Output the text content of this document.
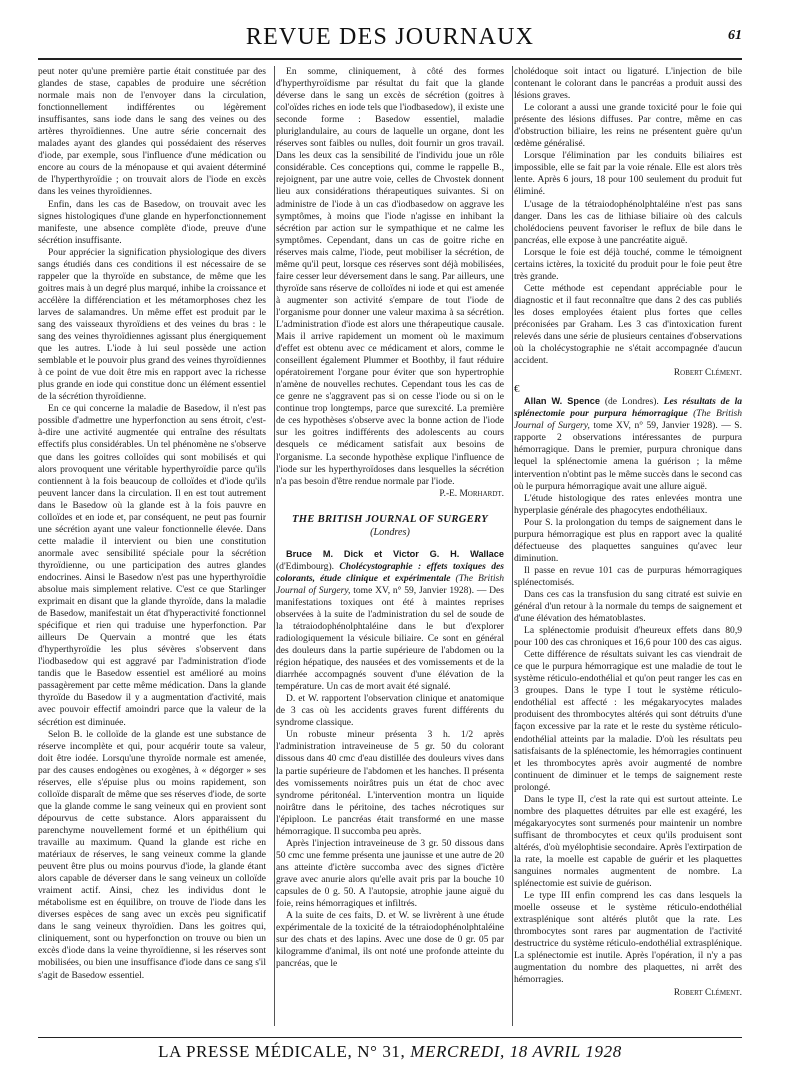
REVUE DES JOURNAUX	61

peut noter qu'une première partie était constituée par des glandes de stase, capables de produire une sécrétion normale mais non de l'envoyer dans la circulation, fonctionnellement indifférentes ou légèrement insuffisantes, sans iode dans le sang des veines ou des artères thyroïdiennes. Une autre série concernait des malades ayant des glandes qui possédaient des réserves d'iode, par exemple, sous l'influence d'une médication ou encore au cours de la ménopause et qui avaient déterminé de l'hyperthyroïdie ; on trouvait alors de l'iode en excès dans les veines thyroïdiennes.

Enfin, dans les cas de Basedow, on trouvait avec les signes histologiques d'une glande en hyperfonctionnement manifeste, une absence complète d'iode, preuve d'une sécrétion insuffisante.

Pour apprécier la signification physiologique des divers sangs étudiés dans ces conditions il est nécessaire de se rappeler que la thyroïde en substance, de même que les goitres mais à un degré plus marqué, inhibe la croissance et accélère la différenciation et les métamorphoses chez les larves de salamandres. Un même effet est produit par le sang des vaisseaux thyroïdiens et des veines du bras : le sang des veines thyroïdiennes agissant plus énergiquement que les autres. L'iode à lui seul possède une action semblable et le pouvoir plus grand des veines thyroïdiennes à ce point de vue doit être mis en rapport avec la richesse plus grande en iode qui constitue donc un élément essentiel de la sécrétion thyroïdienne.

En ce qui concerne la maladie de Basedow, il n'est pas possible d'admettre une hyperfonction au sens étroit, c'est-à-dire une activité augmentée qui entraîne des résultats effectifs plus considérables. Un tel phénomène ne s'observe que dans les goitres colloïdes qui sont mobilisés et qui alors provoquent une véritable hyperthyroïdie parce qu'ils contiennent à la fois beaucoup de colloïdes et d'iode qu'ils peuvent lancer dans la circulation. Il en est tout autrement dans le Basedow où la glande est à la fois pauvre en colloïdes et en iode et, par conséquent, ne peut pas fournir une sécrétion ayant une valeur fonctionnelle élevée. Dans cette maladie il intervient ou bien une constitution anormale avec sensibilité spéciale pour la sécrétion thyroïdienne, ou une participation des autres glandes endocrines. Ainsi le Basedow n'est pas une hyperthyroïdie absolue mais simplement relative. C'est ce que Starlinger exprimait en disant que la glande thyroïde, dans la maladie de Basedow, manifestait un état d'hyperactivité fonctionnel spécifique et rien qui traduise une hyperfonction. Par ailleurs De Quervain a montré que les états d'hyperthyroïdie les plus sévères s'observent dans l'iodbasedow qui est aggravé par l'administration d'iode tandis que le Basedow essentiel est amélioré au moins passagèrement par cette même médication. Dans la glande thyroïde du Basedow il y a augmentation d'activité, mais avec pouvoir effectif amoindri parce que la valeur de la sécrétion est diminuée.

Selon B. le colloïde de la glande est une substance de réserve incomplète et qui, pour acquérir toute sa valeur, doit être iodée. Lorsqu'une thyroïde normale est amenée, par des causes endogènes ou exogènes, à « dégorger » ses réserves, elle s'épuise plus ou moins rapidement, son colloïde disparaît de même que ses réserves d'iode, de sorte que la glande comme le sang veineux qui en provient sont dépourvus de cette substance. Alors apparaissent du parenchyme nouvellement formé et un épithélium qui travaille au maximum. Quand la glande est riche en matériaux de réserves, le sang veineux comme la glande peuvent être plus ou moins pourvus d'iode, la glande étant alors capable de déverser dans le sang veineux un colloïde vraiment actif. Ainsi, chez les individus dont le métabolisme est en équilibre, on trouve de l'iode dans les diverses espèces de sang avec un excès peu significatif dans le sang veineux thyroïdien. Dans les goitres qui, cliniquement, sont ou hyperfonction on trouve ou bien un excès d'iode dans la veine thyroïdienne, si les réserves sont mobilisées, ou bien une insuffisance d'iode dans ce sang s'il s'agit de Basedow essentiel.

En somme, cliniquement, à côté des formes d'hyperthyroïdisme par résultat du fait que la glande déverse dans le sang un excès de sécrétion (goitres à col'oïdes riches en iode tels que l'iodbasedow), il existe une seconde forme : Basedow essentiel, maladie pluriglandulaire, au cours de laquelle un organe, dont les réserves sont faibles ou nulles, doit fournir un gros travail. Dans les deux cas la sensibilité de l'individu joue un rôle considérable. Ces conceptions qui, comme le rappelle B., rejoignent, par une autre voie, celles de Chvostek donnent lieu aux considérations thérapeutiques suivantes. Si on administre de l'iode à un cas d'iodbasedow on aggrave les symptômes, à moins que l'iode n'agisse en inhibant la sécrétion par action sur le sympathique et ne calme les symptômes. Cependant, dans un cas de goitre riche en réserves mais calme, l'iode, peut mobiliser la sécrétion, de même qu'il peut, lorsque ces réserves sont déjà mobilisées, faire cesser leur déversement dans le sang. Par ailleurs, une thyroïde sans réserve de colloïdes ni iode et qui est amenée à augmenter son activité s'empare de tout l'iode de l'organisme pour donner une valeur maxima à sa sécrétion. L'administration d'iode est alors une thérapeutique causale. Mais il arrive rapidement un moment où le maximum d'effet est obtenu avec ce médicament et alors, comme le conseillent également Plummer et Boothby, il faut réduire opératoirement l'organe pour éviter que son hypertrophie n'amène de nouvelles rechutes. Cependant tous les cas de ce genre ne s'aggravent pas si on cesse l'iode ou si on le continue trop longtemps, parce que surexcité. La première de ces hypothèses s'observe avec la bonne action de l'iode sur les goitres indifférents des adolescents au cours desquels ce médicament satisfait aux besoins de l'organisme. La seconde hypothèse explique l'influence de l'iode sur les hyperthyroïdoses dans lesquelles la sécrétion n'a pas besoin d'être rendue normale par l'iode.

P.-E. Morhardt.

THE BRITISH JOURNAL OF SURGERY
(Londres)

Bruce M. Dick et Victor G. H. Wallace (d'Edimbourg). Cholécystographie : effets toxiques des colorants, étude clinique et expérimentale (The British Journal of Surgery, tome XV, n° 59, Janvier 1928). — Des manifestations toxiques ont été à maintes reprises observées à la suite de l'administration du sel de soude de la tétraiodophénolphtaléine dans le but d'explorer radiologiquement la vésicule biliaire. Ce sont en général des douleurs dans la partie supérieure de l'abdomen ou la région hépatique, des nausées et des vomissements et de la diarrhée accompagnés souvent d'une élévation de la température. Un cas de mort avait été signalé.

D. et W. rapportent l'observation clinique et anatomique de 3 cas où les accidents graves furent différents du syndrome classique.

Un robuste mineur présenta 3 h. 1/2 après l'administration intraveineuse de 5 gr. 50 du colorant dissous dans 40 cmc d'eau distillée des douleurs vives dans la partie supérieure de l'abdomen et les hanches. Il présenta des vomissements noirâtres puis un état de choc avec syndrome péritonéal. L'intervention montra un liquide noirâtre dans le péritoine, des taches nécrotiques sur l'épiploon. Le pancréas était transformé en une masse hémorragique. Il succomba peu après.

Après l'injection intraveineuse de 3 gr. 50 dissous dans 50 cmc une femme présenta une jaunisse et une autre de 20 ans atteinte d'ictère succomba avec des signes d'ictère grave avec anurie alors qu'elle avait pris par la bouche 10 capsules de 0 g. 50. A l'autopsie, atrophie jaune aiguë du foie, reins hémorragiques et infiltrés.

A la suite de ces faits, D. et W. se livrèrent à une étude expérimentale de la toxicité de la tétraiodophénolphtaléine sur des chats et des lapins. Avec une dose de 0 gr. 05 par kilogramme d'animal, ils ont noté une profonde atteinte du pancréas, que le

cholédoque soit intact ou ligaturé. L'injection de bile contenant le colorant dans le pancréas a produit aussi des lésions graves.

Le colorant a aussi une grande toxicité pour le foie qui présente des lésions diffuses. Par contre, même en cas d'obstruction biliaire, les reins ne présentent guère qu'un œdème généralisé.

Lorsque l'élimination par les conduits biliaires est impossible, elle se fait par la voie rénale. Elle est alors très lente. Après 6 jours, 18 pour 100 seulement du produit fut éliminé.

L'usage de la tétraiodophénolphtaléine n'est pas sans danger. Dans les cas de lithiase biliaire où des calculs cholédociens peuvent favoriser le reflux de bile dans le pancréas, elle expose à une pancréatite aiguë.

Lorsque le foie est déjà touché, comme le témoignent certains ictères, la toxicité du produit pour le foie peut être très grande.

Cette méthode est cependant appréciable pour le diagnostic et il faut reconnaître que dans 2 des cas publiés les doses employées étaient plus fortes que celles préconisées par Graham. Les 3 cas d'intoxication furent relevés dans une série de plusieurs centaines d'observations où la cholécystographie ne s'était accompagnée d'aucun accident.

Robert Clément.

€

Allan W. Spence (de Londres). Les résultats de la splénectomie pour purpura hémorragique (The British Journal of Surgery, tome XV, n° 59, Janvier 1928). — S. rapporte 2 observations intéressantes de purpura hémorragique. Dans le premier, purpura chronique dans lequel la splénectomie amena la guérison ; la même intervention n'obtint pas le même succès dans le second cas où le purpura hémorragique avait une allure aiguë.

L'étude histologique des rates enlevées montra une hyperplasie générale des phagocytes endothéliaux.

Pour S. la prolongation du temps de saignement dans le purpura hémorragique est plus en rapport avec la qualité défectueuse des plaquettes sanguines qu'avec leur diminution.

Il passe en revue 101 cas de purpuras hémorragiques splénectomisés.

Dans ces cas la transfusion du sang citraté est suivie en général d'un retour à la normale du temps de saignement et d'une élévation des hématoblastes.

La splénectomie produisit d'heureux effets dans 80,9 pour 100 des cas chroniques et 16,6 pour 100 des cas aigus.

Cette différence de résultats suivant les cas viendrait de ce que le purpura hémorragique est une maladie de tout le système réticulo-endothélial et qu'on peut ranger les cas en 3 groupes. Dans le type I tout le système réticulo-endothélial est affecté : les mégakaryocytes malades produisent des thrombocytes altérés qui sont détruits d'une façon excessive par la rate et le reste du système réticulo-endothélial atteints par la maladie. D'où les résultats peu satisfaisants de la splénectomie, les hémorragies continuent et les thrombocytes après avoir augmenté de nombre continuent de diminuer et le temps de saignement reste prolongé.

Dans le type II, c'est la rate qui est surtout atteinte. Le nombre des plaquettes détruites par elle est exagéré, les mégakaryocytes sont surmenés pour maintenir un nombre suffisant de thrombocytes et ceux qu'ils produisent sont altérés, d'où myélophtisie secondaire. Après l'extirpation de la rate, la moelle est capable de guérir et les plaquettes sanguines normales augmentent de nombre. La splénectomie est suivie de guérison.

Le type III enfin comprend les cas dans lesquels la moelle osseuse et le système réticulo-endothélial extrasplénique sont altérés plutôt que la rate. Les thrombocytes sont rares par augmentation de l'activité destructrice du système réticulo-endothélial extrasplénique. La splénectomie est inutile. Après l'opération, il n'y a pas augmentation du nombre des plaquettes, ni arrêt des hémorragies.

Robert Clément.

LA PRESSE MÉDICALE, N° 31, MERCREDI, 18 AVRIL 1928
